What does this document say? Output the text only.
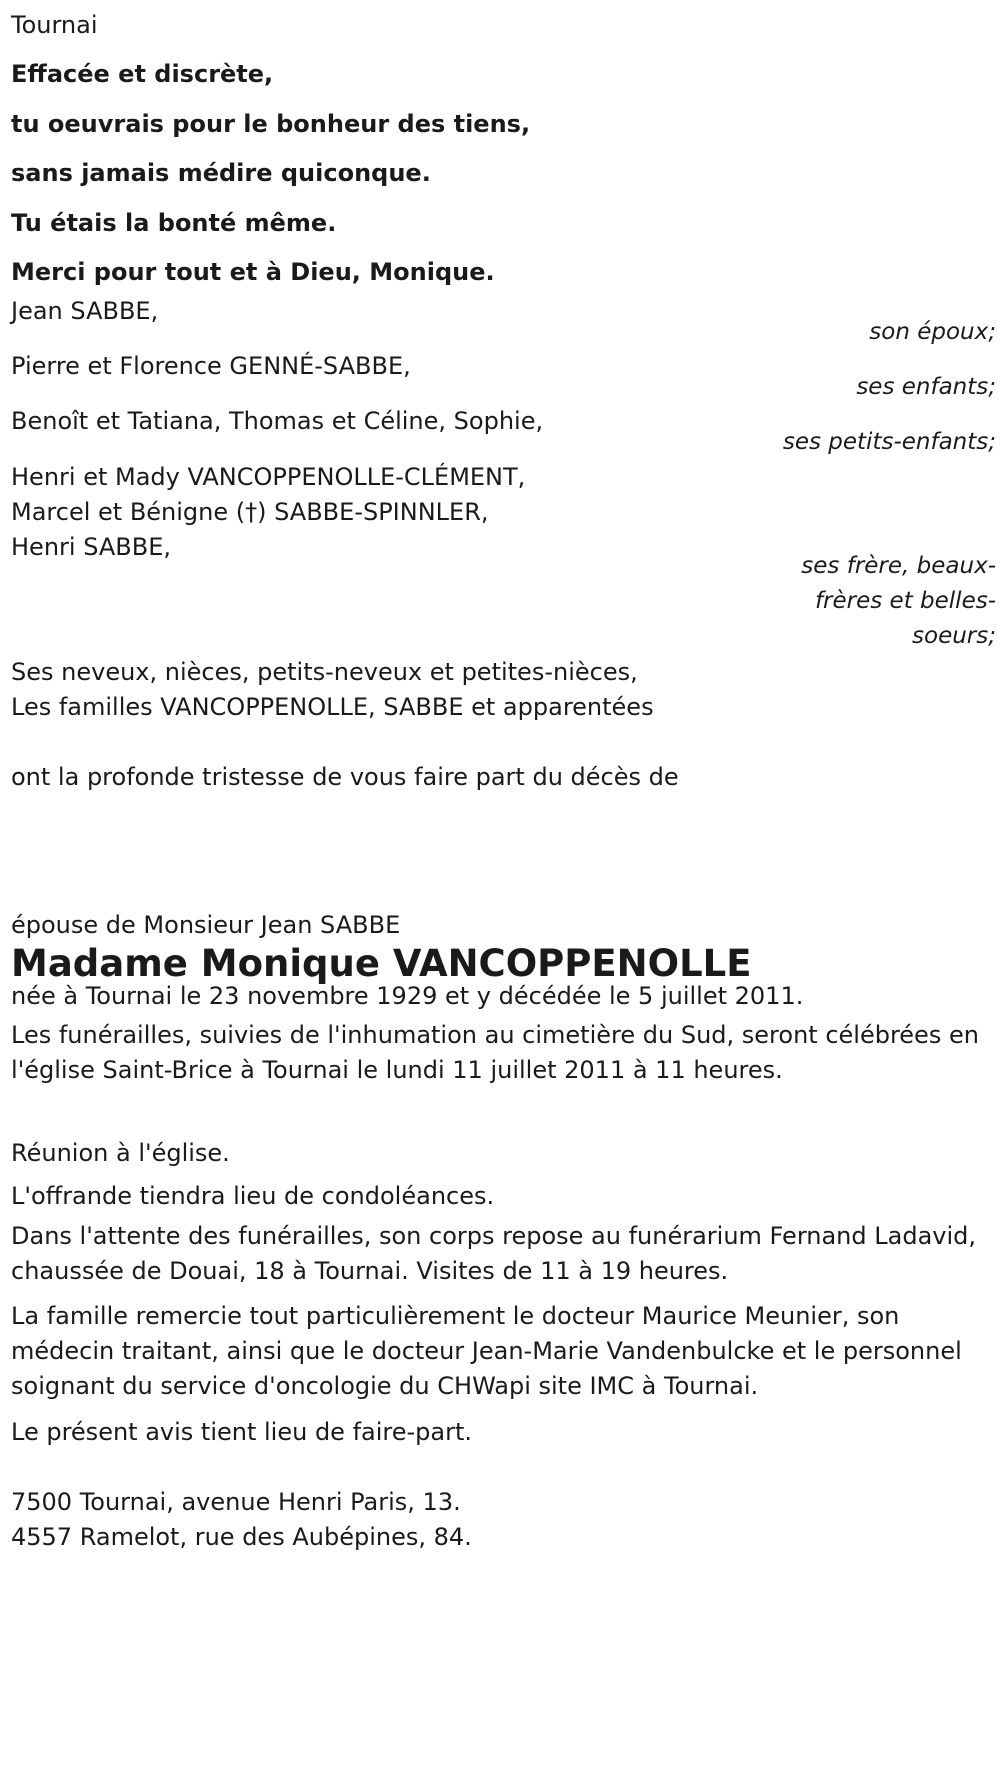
Tournai

Effacée et discrète,

tu oeuvrais pour le bonheur des tiens,

sans jamais médire quiconque.

Tu étais la bonté même.

Merci pour tout et à Dieu, Monique.

Jean SABBE,
son époux;
Pierre et Florence GENNÉ-SABBE,
ses enfants;
Benoît et Tatiana, Thomas et Céline, Sophie,
ses petits-enfants;
Henri et Mady VANCOPPENOLLE-CLÉMENT,
Marcel et Bénigne (†) SABBE-SPINNLER,
Henri SABBE,
ses frère, beaux-frères et belles-soeurs;
Ses neveux, nièces, petits-neveux et petites-nièces,
Les familles VANCOPPENOLLE, SABBE et apparentées
ont la profonde tristesse de vous faire part du décès de
Madame Monique VANCOPPENOLLE
épouse de Monsieur Jean SABBE
née à Tournai le 23 novembre 1929 et y décédée le 5 juillet 2011.
Les funérailles, suivies de l'inhumation au cimetière du Sud, seront célébrées en l'église Saint-Brice à Tournai le lundi 11 juillet 2011 à 11 heures.
Réunion à l'église.
L'offrande tiendra lieu de condoléances.
Dans l'attente des funérailles, son corps repose au funérarium Fernand Ladavid, chaussée de Douai, 18 à Tournai. Visites de 11 à 19 heures.
La famille remercie tout particulièrement le docteur Maurice Meunier, son médecin traitant, ainsi que le docteur Jean-Marie Vandenbulcke et le personnel soignant du service d'oncologie du CHWapi site IMC à Tournai.
Le présent avis tient lieu de faire-part.
7500 Tournai, avenue Henri Paris, 13.
4557 Ramelot, rue des Aubépines, 84.
